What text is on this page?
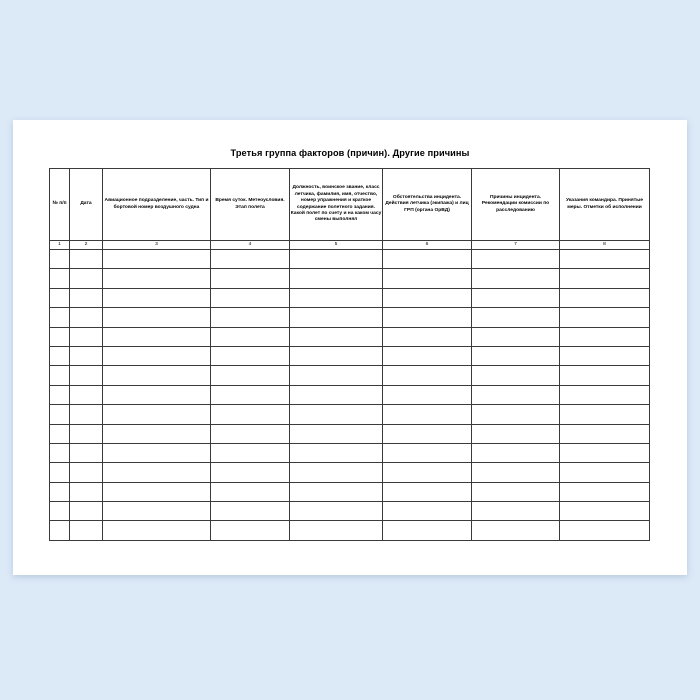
Третья группа факторов (причин). Другие причины
№ п/п	Дата	Авиационное подразделение, часть. Тип и бортовой номер воздушного судна	Время суток. Метеоусловия. Этап полета	Должность, воинское звание, класс летчика, фамилия, имя, отчество, номер упражнения и краткое содержание полетного задания. Какой полет по счету и на каком часу смены выполнял	Обстоятельства инцидента. Действия летчика (экипажа) и лиц ГРП (органа ОрВД)	Причины инцидента. Рекомендации комиссии по расследованию	Указания командира. Принятые меры. Отметки об исполнении
1	2	3	4	5	6	7	8
